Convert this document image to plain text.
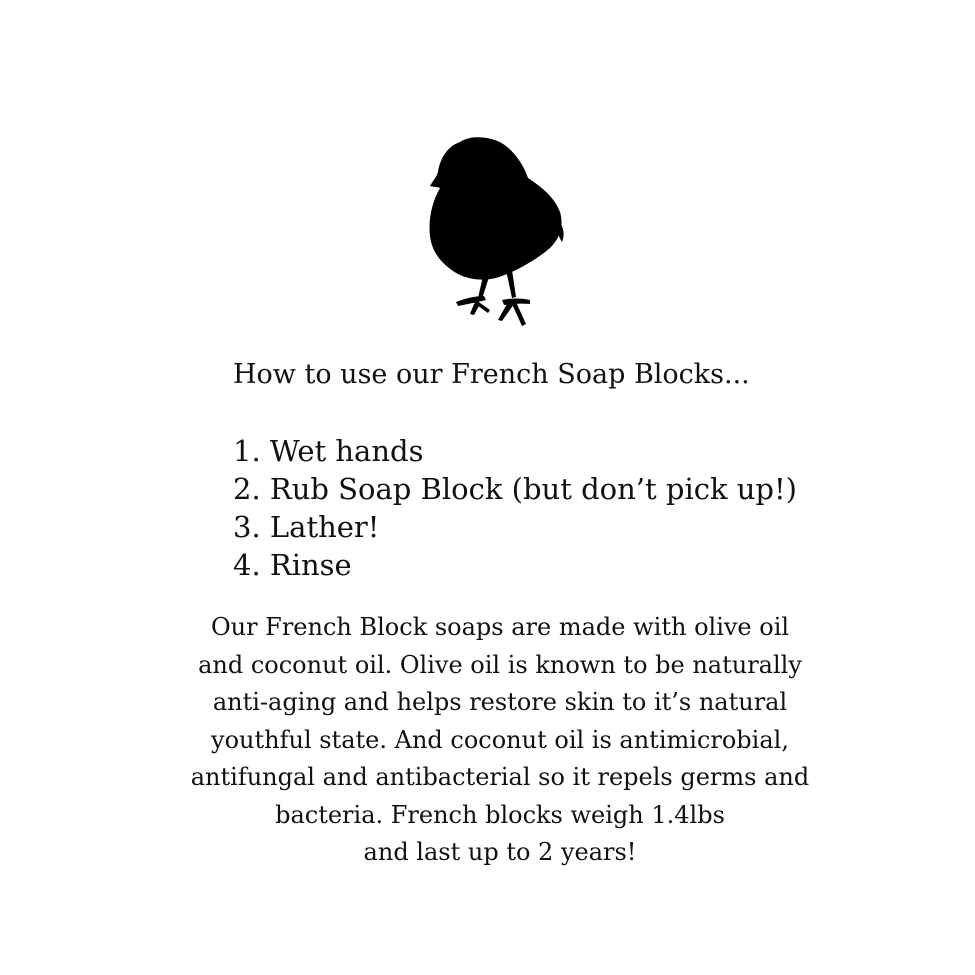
How to use our French Soap Blocks...
1. Wet hands
2. Rub Soap Block (but don’t pick up!)
3. Lather!
4. Rinse

Our French Block soaps are made with olive oil
and coconut oil. Olive oil is known to be naturally
anti-aging and helps restore skin to it’s natural
youthful state. And coconut oil is antimicrobial,
antifungal and antibacterial so it repels germs and
bacteria. French blocks weigh 1.4lbs
and last up to 2 years!
